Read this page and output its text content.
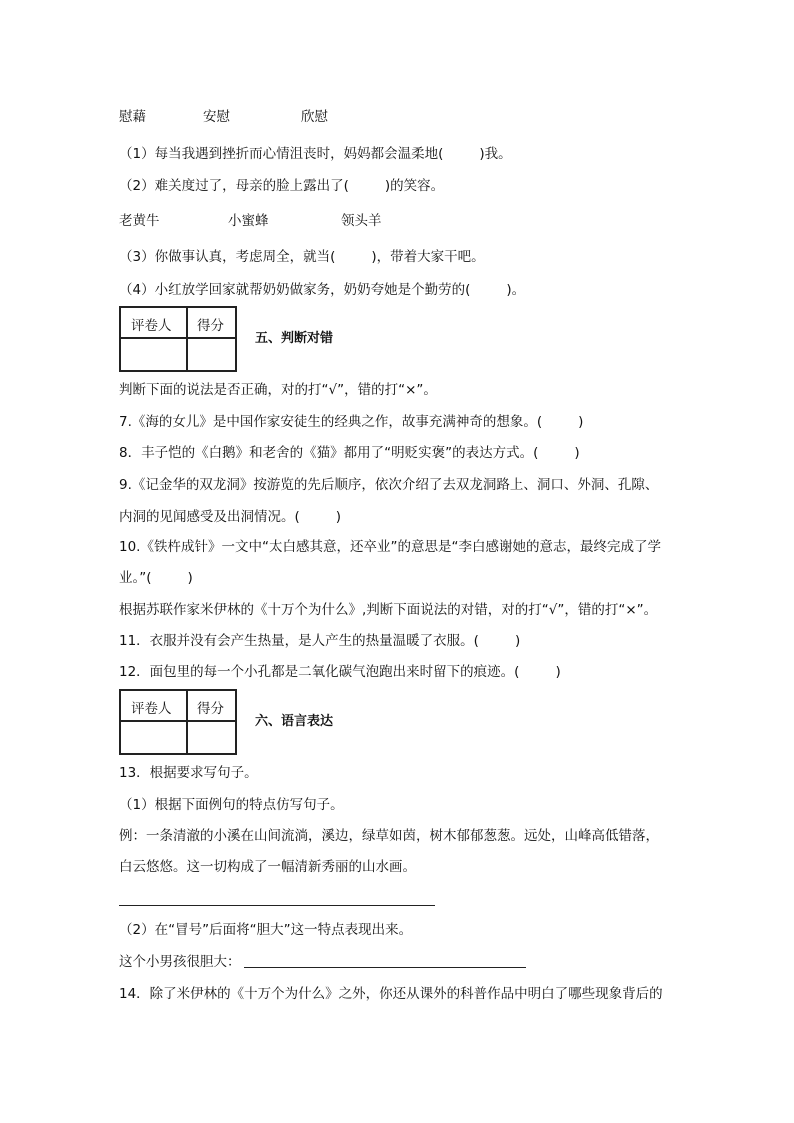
慰藉	安慰	欣慰
（1）每当我遇到挫折而心情沮丧时，妈妈都会温柔地(	)我。
（2）难关度过了，母亲的脸上露出了(	)的笑容。
老黄牛	小蜜蜂	领头羊
（3）你做事认真，考虑周全，就当(	)，带着大家干吧。
（4）小红放学回家就帮奶奶做家务，奶奶夸她是个勤劳的(	)。
评卷人 得分
五、判断对错
判断下面的说法是否正确，对的打“√”，错的打“×”。
7.《海的女儿》是中国作家安徒生的经典之作，故事充满神奇的想象。(	)
8．丰子恺的《白鹅》和老舍的《猫》都用了“明贬实褒”的表达方式。(	)
9.《记金华的双龙洞》按游览的先后顺序，依次介绍了去双龙洞路上、洞口、外洞、孔隙、
内洞的见闻感受及出洞情况。(	)
10.《铁杵成针》一文中“太白感其意，还卒业”的意思是“李白感谢她的意志，最终完成了学
业。”(	)
根据苏联作家米伊林的《十万个为什么》,判断下面说法的对错，对的打“√”，错的打“×”。
11．衣服并没有会产生热量，是人产生的热量温暖了衣服。(	)
12．面包里的每一个小孔都是二氧化碳气泡跑出来时留下的痕迹。(	)
评卷人 得分
六、语言表达
13．根据要求写句子。
（1）根据下面例句的特点仿写句子。
例：一条清澈的小溪在山间流淌，溪边，绿草如茵，树木郁郁葱葱。远处，山峰高低错落，
白云悠悠。这一切构成了一幅清新秀丽的山水画。
（2）在“冒号”后面将“胆大”这一特点表现出来。
这个小男孩很胆大：
14．除了米伊林的《十万个为什么》之外，你还从课外的科普作品中明白了哪些现象背后的
